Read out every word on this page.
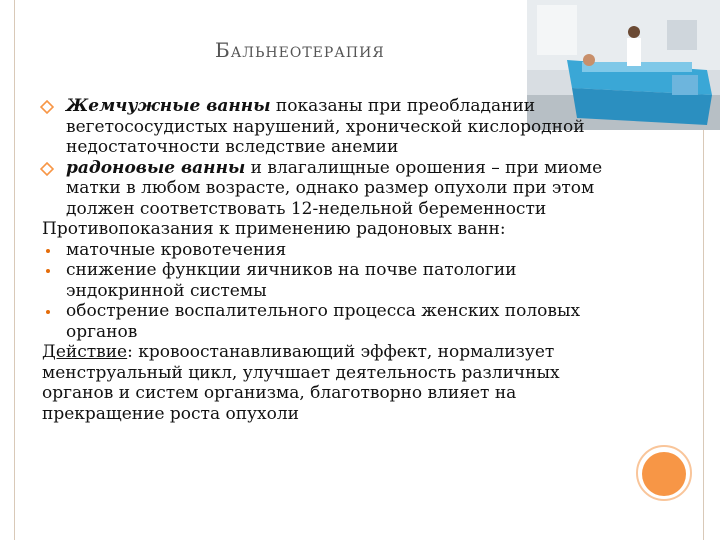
Бальнеотерапия
Жемчужные ванны показаны при преобладании вегетососудистых нарушений, хронической кислородной недостаточности вследствие анемии
радоновые ванны и влагалищные орошения – при миоме матки в любом возрасте, однако размер опухоли при этом должен соответствовать 12-недельной беременности
Противопоказания к применению радоновых ванн:
маточные кровотечения
снижение функции яичников на почве патологии эндокринной системы
обострение воспалительного процесса женских половых органов
Действие: кровоостанавливающий эффект, нормализует менструальный цикл, улучшает деятельность различных органов и систем организма, благотворно влияет на прекращение роста опухоли
